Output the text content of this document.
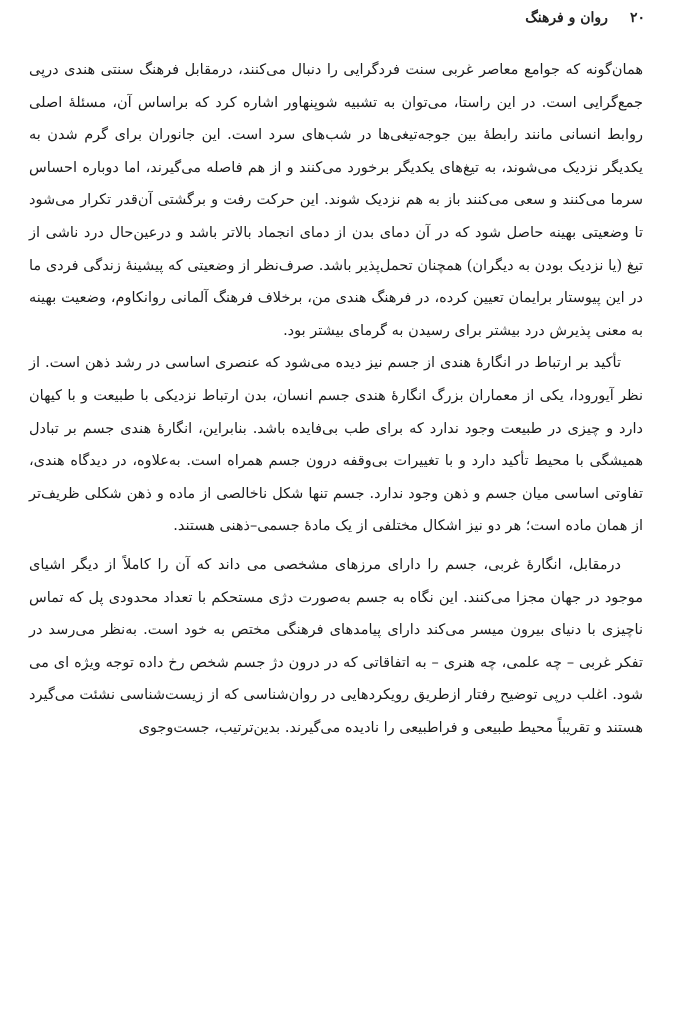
۲۰
روان و فرهنگ

همان‌گونه که جوامع معاصر غربی سنت فردگرایی را دنبال می‌کنند، درمقابل فرهنگ سنتی هندی درپی جمع‌گرایی است. در این راستا، می‌توان به تشبیه شوپنهاور اشاره کرد که براساس آن، مسئلهٔ اصلی روابط انسانی مانند رابطهٔ بین جوجه‌تیغی‌ها در شب‌های سرد است. این جانوران برای گرم شدن به یکدیگر نزدیک می‌شوند، به تیغ‌های یکدیگر برخورد می‌کنند و از هم فاصله می‌گیرند، اما دوباره احساس سرما می‌کنند و سعی می‌کنند باز به هم نزدیک شوند. این حرکت رفت و برگشتی آن‌قدر تکرار می‌شود تا وضعیتی بهینه حاصل شود که در آن دمای بدن از دمای انجماد بالاتر باشد و درعین‌حال درد ناشی از تیغ (یا نزدیک بودن به دیگران) همچنان تحمل‌پذیر باشد. صرف‌نظر از وضعیتی که پیشینهٔ زندگی فردی ما در این پیوستار برایمان تعیین کرده، در فرهنگ هندی من، برخلاف فرهنگ آلمانی روانکاوم، وضعیت بهینه به معنی پذیرش درد بیشتر برای رسیدن به گرمای بیشتر بود.

تأکید بر ارتباط در انگارهٔ هندی از جسم نیز دیده می‌شود که عنصری اساسی در رشد ذهن است. از نظر آیورودا، یکی از معماران بزرگ انگارهٔ هندی جسم انسان، بدن ارتباط نزدیکی با طبیعت و با کیهان دارد و چیزی در طبیعت وجود ندارد که برای طب بی‌فایده باشد. بنابراین، انگارهٔ هندی جسم بر تبادل همیشگی با محیط تأکید دارد و با تغییرات بی‌وقفه درون جسم همراه است. به‌علاوه، در دیدگاه هندی، تفاوتی اساسی میان جسم و ذهن وجود ندارد. جسم تنها شکل ناخالصی از ماده و ذهن شکلی ظریف‌تر از همان ماده است؛ هر دو نیز اشکال مختلفی از یک مادهٔ جسمی–ذهنی هستند.

درمقابل، انگارهٔ غربی، جسم را دارای مرزهای مشخصی می داند که آن را کاملاً از دیگر اشیای موجود در جهان مجزا می‌کنند. این نگاه به جسم به‌صورت دژی مستحکم با تعداد محدودی پل که تماس ناچیزی با دنیای بیرون میسر می‌کند دارای پیامدهای فرهنگی مختص به خود است. به‌نظر می‌رسد در تفکر غربی – چه علمی، چه هنری – به اتفاقاتی که در درون دژ جسم شخص رخ داده توجه ویژه ای می شود. اغلب درپی توضیح رفتار ازطریق رویکردهایی در روان‌شناسی که از زیست‌شناسی نشئت می‌گیرد هستند و تقریباً محیط طبیعی و فراطبیعی را نادیده می‌گیرند. بدین‌ترتیب، جست‌وجوی
